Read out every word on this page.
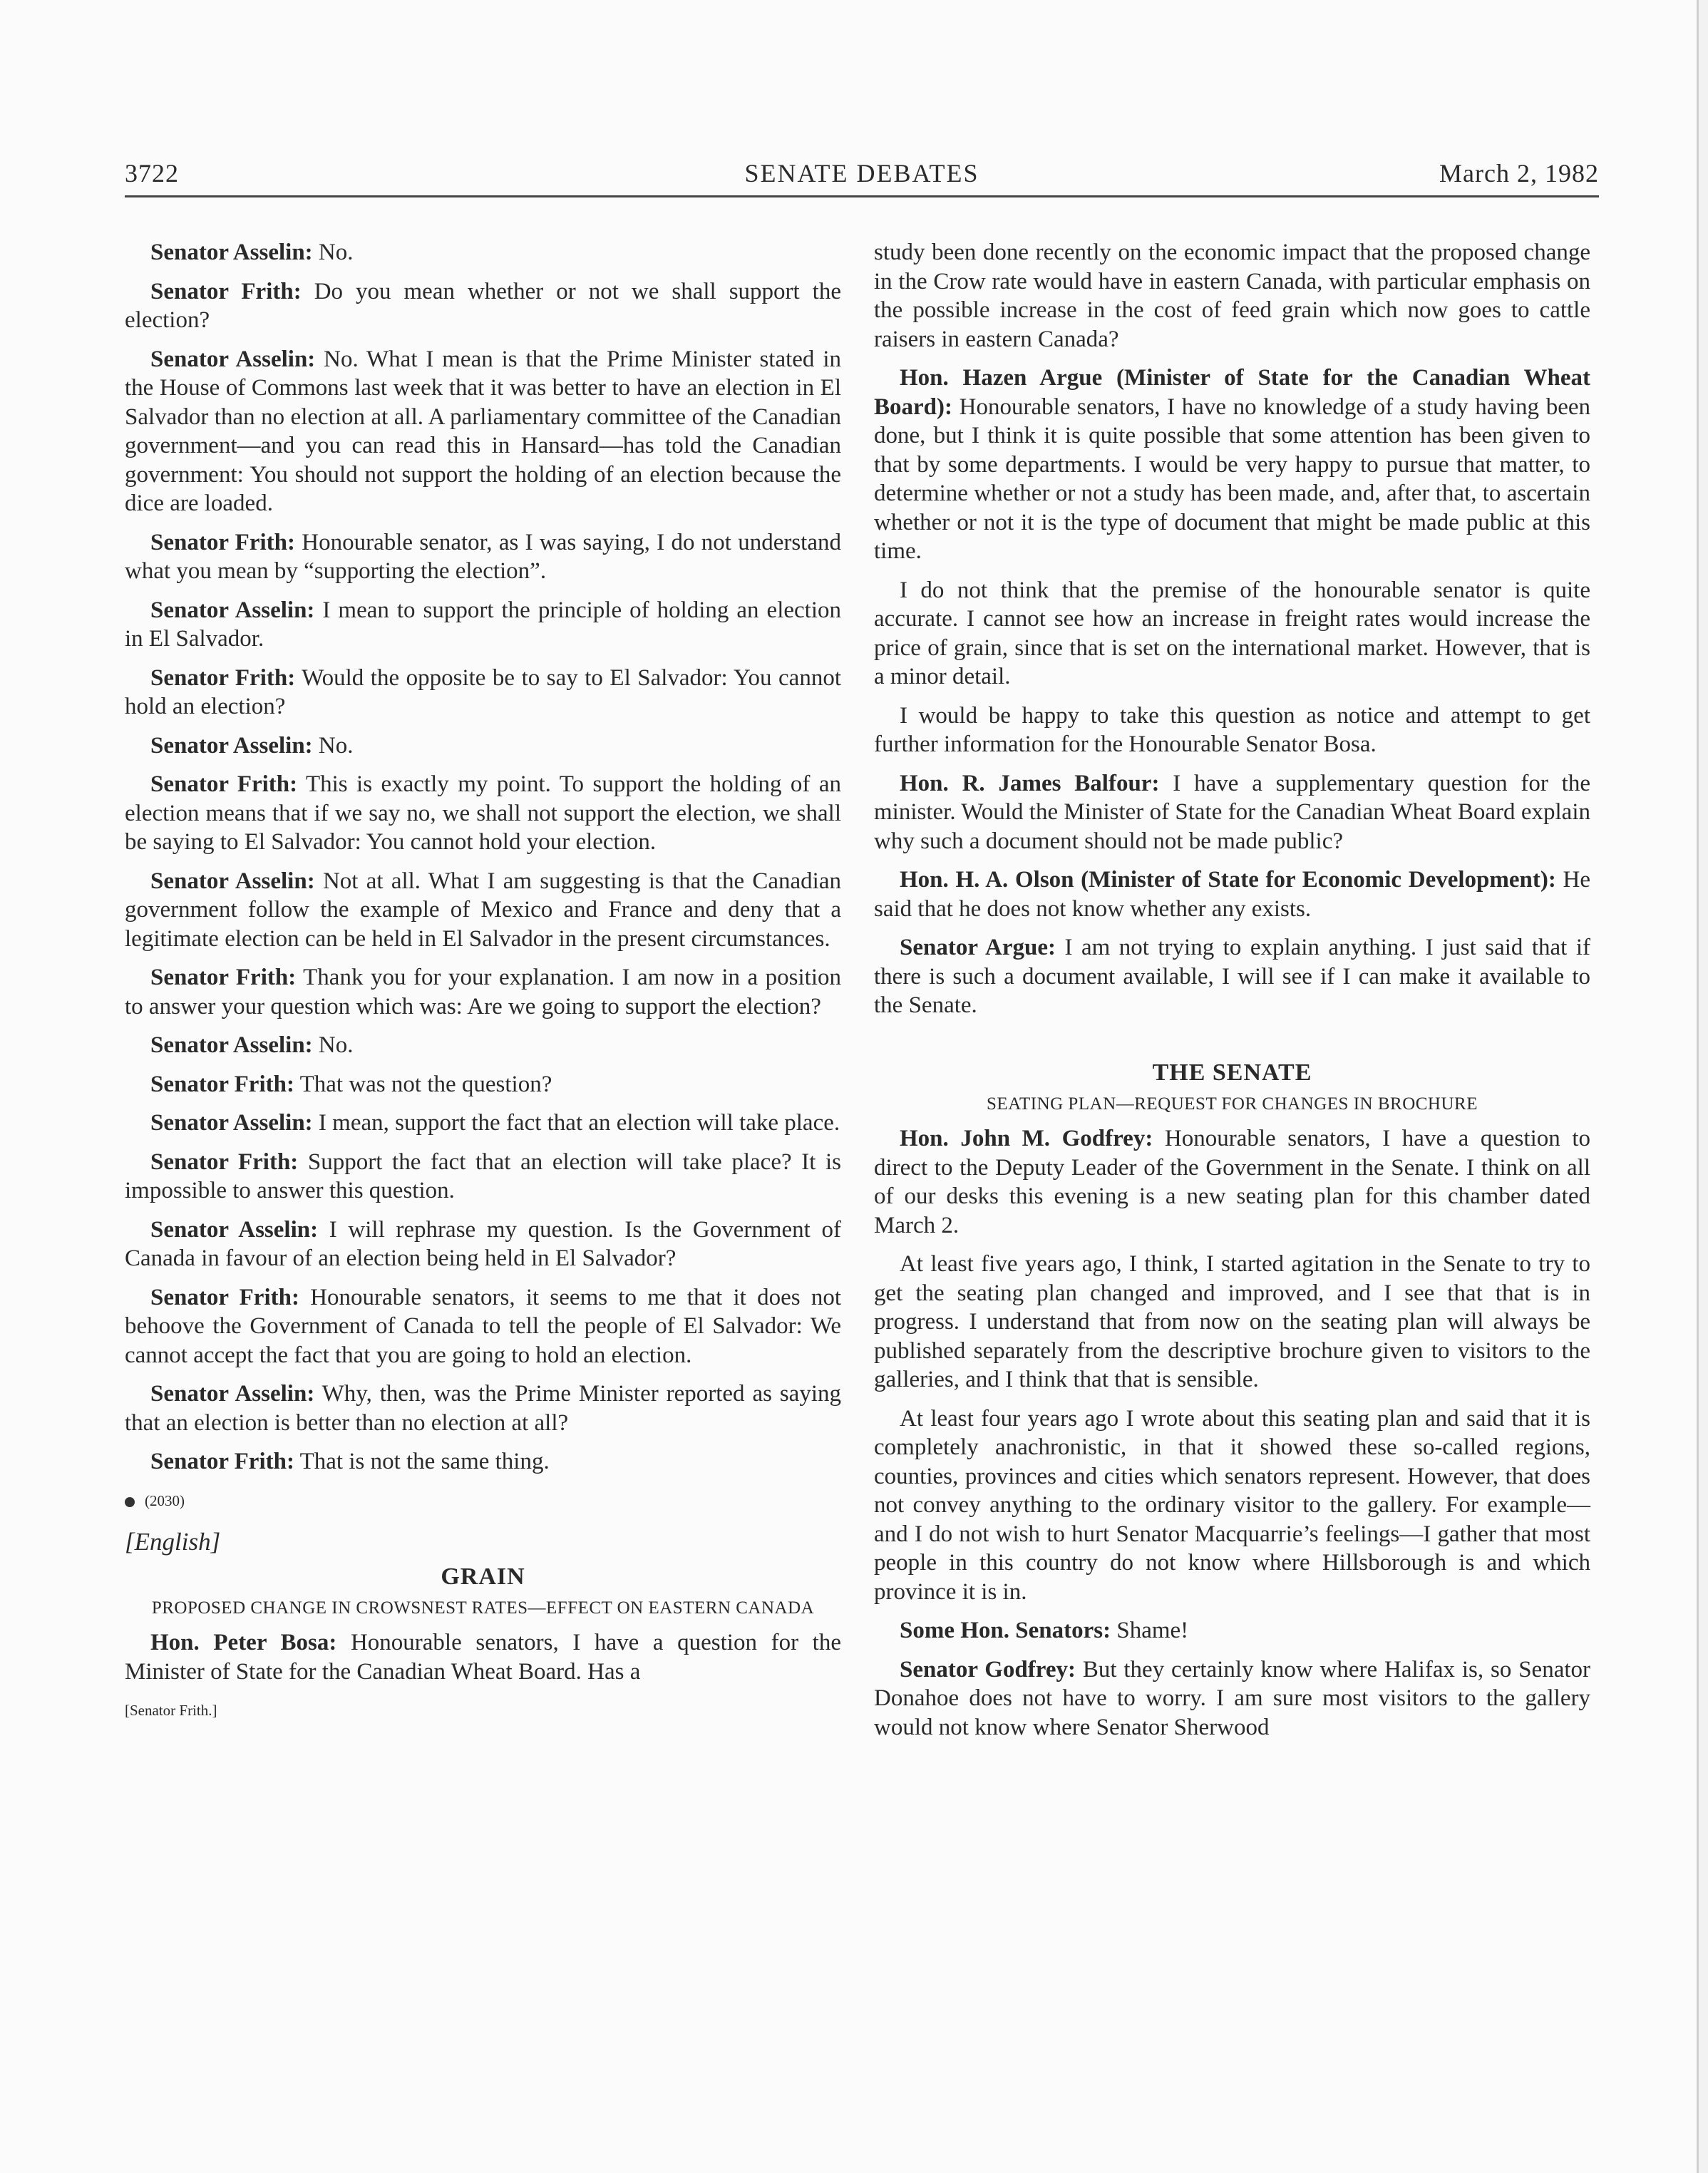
3722	SENATE DEBATES	March 2, 1982

Senator Asselin: No.

Senator Frith: Do you mean whether or not we shall support the election?

Senator Asselin: No. What I mean is that the Prime Minister stated in the House of Commons last week that it was better to have an election in El Salvador than no election at all. A parliamentary committee of the Canadian government—and you can read this in Hansard—has told the Canadian government: You should not support the holding of an election because the dice are loaded.

Senator Frith: Honourable senator, as I was saying, I do not understand what you mean by “supporting the election”.

Senator Asselin: I mean to support the principle of holding an election in El Salvador.

Senator Frith: Would the opposite be to say to El Salvador: You cannot hold an election?

Senator Asselin: No.

Senator Frith: This is exactly my point. To support the holding of an election means that if we say no, we shall not support the election, we shall be saying to El Salvador: You cannot hold your election.

Senator Asselin: Not at all. What I am suggesting is that the Canadian government follow the example of Mexico and France and deny that a legitimate election can be held in El Salvador in the present circumstances.

Senator Frith: Thank you for your explanation. I am now in a position to answer your question which was: Are we going to support the election?

Senator Asselin: No.

Senator Frith: That was not the question?

Senator Asselin: I mean, support the fact that an election will take place.

Senator Frith: Support the fact that an election will take place? It is impossible to answer this question.

Senator Asselin: I will rephrase my question. Is the Government of Canada in favour of an election being held in El Salvador?

Senator Frith: Honourable senators, it seems to me that it does not behoove the Government of Canada to tell the people of El Salvador: We cannot accept the fact that you are going to hold an election.

Senator Asselin: Why, then, was the Prime Minister reported as saying that an election is better than no election at all?

Senator Frith: That is not the same thing.

(2030)
[English]
GRAIN
PROPOSED CHANGE IN CROWSNEST RATES—EFFECT ON EASTERN CANADA

Hon. Peter Bosa: Honourable senators, I have a question for the Minister of State for the Canadian Wheat Board. Has a

[Senator Frith.]

study been done recently on the economic impact that the proposed change in the Crow rate would have in eastern Canada, with particular emphasis on the possible increase in the cost of feed grain which now goes to cattle raisers in eastern Canada?

Hon. Hazen Argue (Minister of State for the Canadian Wheat Board): Honourable senators, I have no knowledge of a study having been done, but I think it is quite possible that some attention has been given to that by some departments. I would be very happy to pursue that matter, to determine whether or not a study has been made, and, after that, to ascertain whether or not it is the type of document that might be made public at this time.

I do not think that the premise of the honourable senator is quite accurate. I cannot see how an increase in freight rates would increase the price of grain, since that is set on the international market. However, that is a minor detail.

I would be happy to take this question as notice and attempt to get further information for the Honourable Senator Bosa.

Hon. R. James Balfour: I have a supplementary question for the minister. Would the Minister of State for the Canadian Wheat Board explain why such a document should not be made public?

Hon. H. A. Olson (Minister of State for Economic Development): He said that he does not know whether any exists.

Senator Argue: I am not trying to explain anything. I just said that if there is such a document available, I will see if I can make it available to the Senate.

THE SENATE
SEATING PLAN—REQUEST FOR CHANGES IN BROCHURE

Hon. John M. Godfrey: Honourable senators, I have a question to direct to the Deputy Leader of the Government in the Senate. I think on all of our desks this evening is a new seating plan for this chamber dated March 2.

At least five years ago, I think, I started agitation in the Senate to try to get the seating plan changed and improved, and I see that that is in progress. I understand that from now on the seating plan will always be published separately from the descriptive brochure given to visitors to the galleries, and I think that that is sensible.

At least four years ago I wrote about this seating plan and said that it is completely anachronistic, in that it showed these so-called regions, counties, provinces and cities which senators represent. However, that does not convey anything to the ordinary visitor to the gallery. For example—and I do not wish to hurt Senator Macquarrie’s feelings—I gather that most people in this country do not know where Hillsborough is and which province it is in.

Some Hon. Senators: Shame!

Senator Godfrey: But they certainly know where Halifax is, so Senator Donahoe does not have to worry. I am sure most visitors to the gallery would not know where Senator Sherwood
